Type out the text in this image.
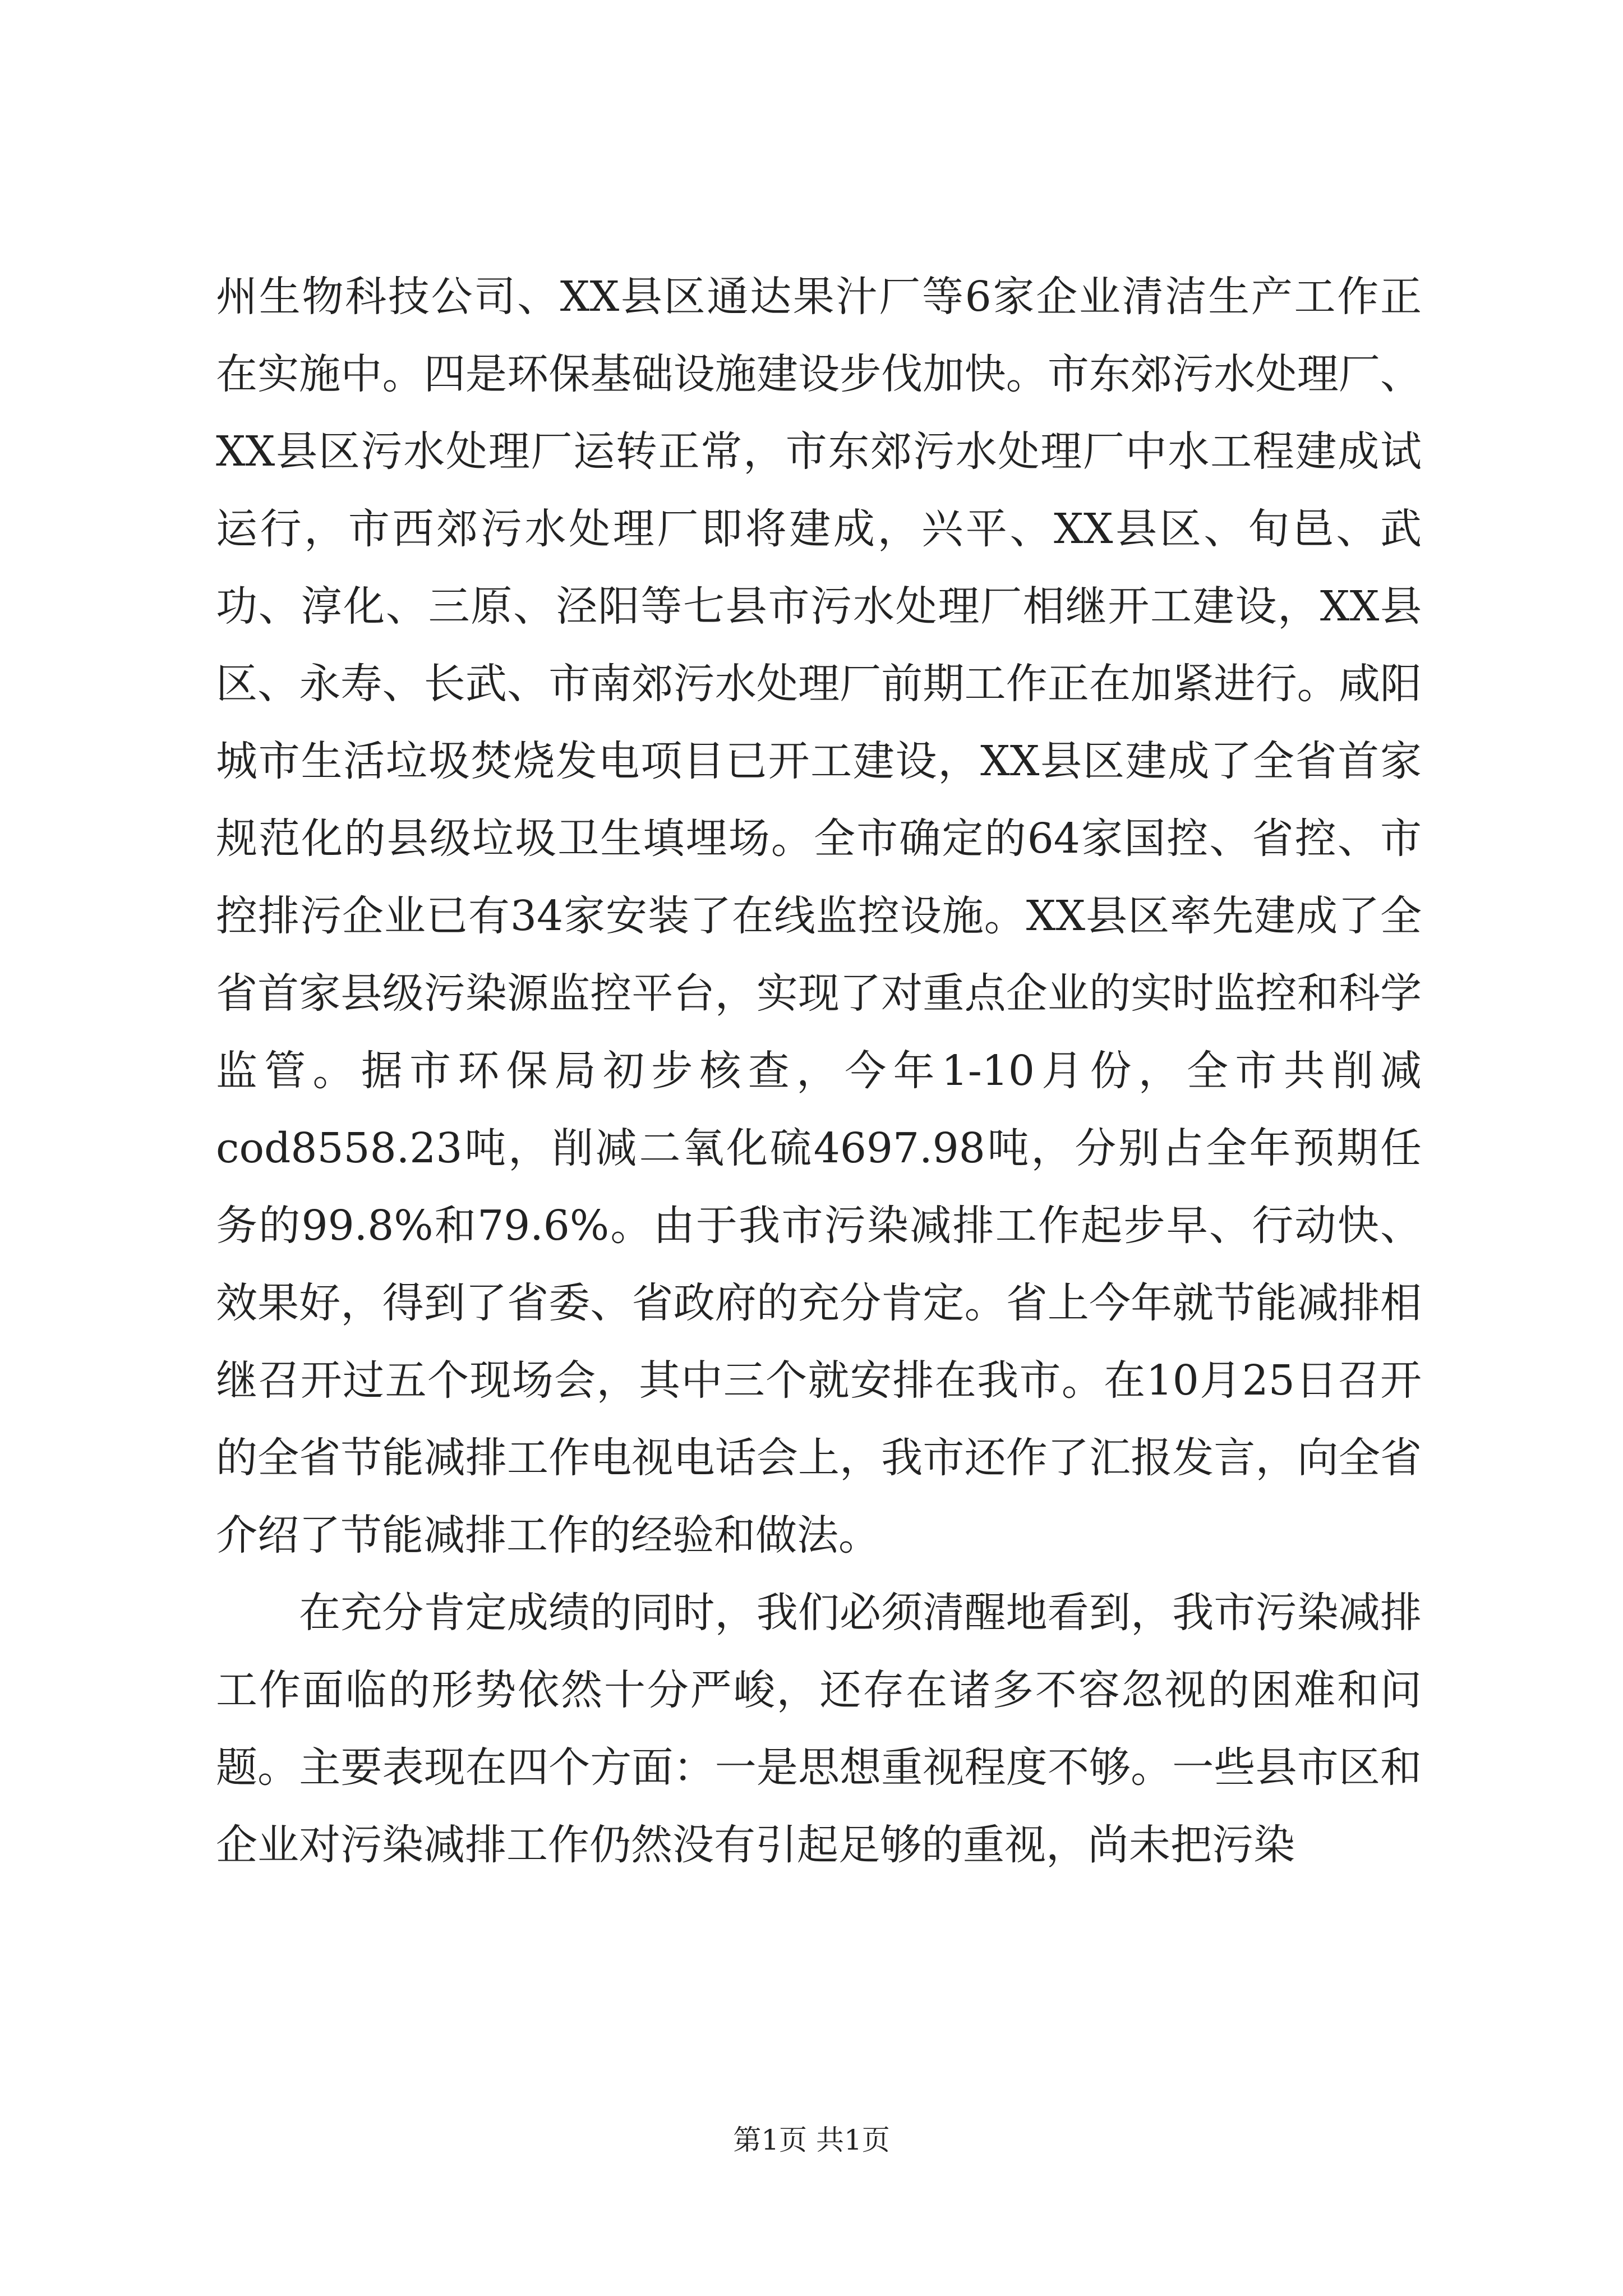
州生物科技公司、XX县区通达果汁厂等6家企业清洁生产工作正在实施中。四是环保基础设施建设步伐加快。市东郊污水处理厂、XX县区污水处理厂运转正常，市东郊污水处理厂中水工程建成试运行，市西郊污水处理厂即将建成，兴平、XX县区、旬邑、武功、淳化、三原、泾阳等七县市污水处理厂相继开工建设，XX县区、永寿、长武、市南郊污水处理厂前期工作正在加紧进行。咸阳城市生活垃圾焚烧发电项目已开工建设，XX县区建成了全省首家规范化的县级垃圾卫生填埋场。全市确定的64家国控、省控、市控排污企业已有34家安装了在线监控设施。XX县区率先建成了全省首家县级污染源监控平台，实现了对重点企业的实时监控和科学监管。据市环保局初步核查，今年1-10月份，全市共削减cod8558.23吨，削减二氧化硫4697.98吨，分别占全年预期任务的99.8%和79.6%。由于我市污染减排工作起步早、行动快、效果好，得到了省委、省政府的充分肯定。省上今年就节能减排相继召开过五个现场会，其中三个就安排在我市。在10月25日召开的全省节能减排工作电视电话会上，我市还作了汇报发言，向全省介绍了节能减排工作的经验和做法。

在充分肯定成绩的同时，我们必须清醒地看到，我市污染减排工作面临的形势依然十分严峻，还存在诸多不容忽视的困难和问题。主要表现在四个方面：一是思想重视程度不够。一些县市区和企业对污染减排工作仍然没有引起足够的重视，尚未把污染

第1页 共1页
